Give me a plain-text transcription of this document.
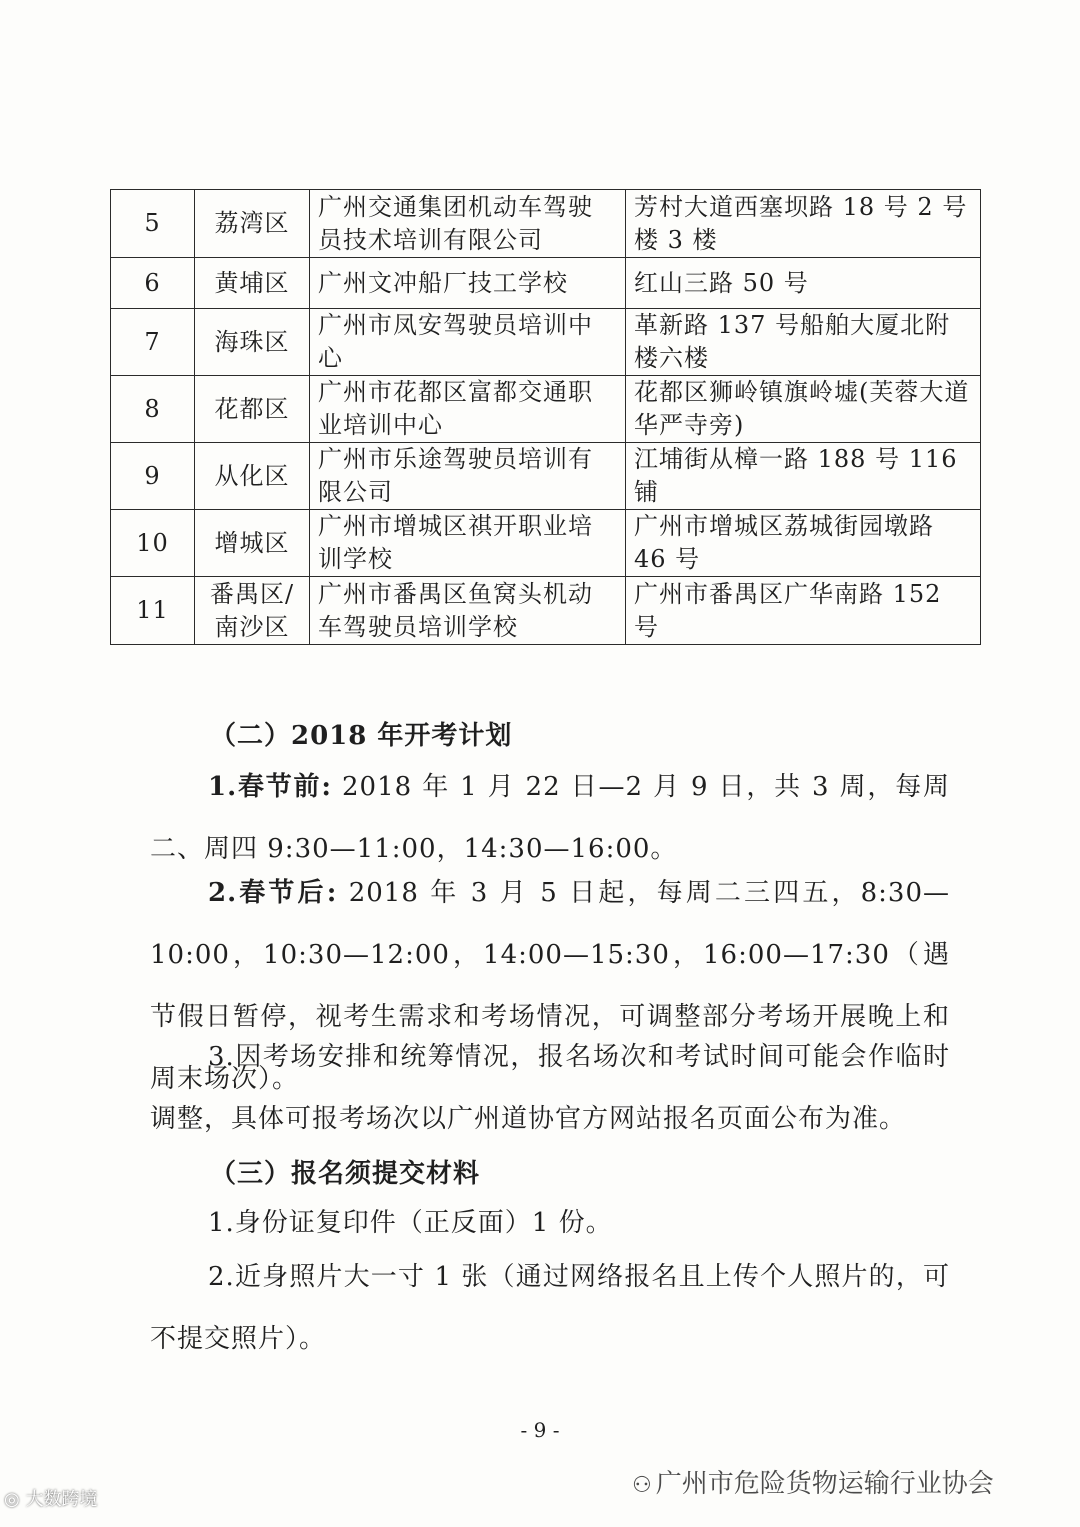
5	荔湾区	广州交通集团机动车驾驶员技术培训有限公司	芳村大道西塞坝路 18 号 2 号楼 3 楼
6	黄埔区	广州文冲船厂技工学校	红山三路 50 号
7	海珠区	广州市凤安驾驶员培训中心	革新路 137 号船舶大厦北附楼六楼
8	花都区	广州市花都区富都交通职业培训中心	花都区狮岭镇旗岭墟(芙蓉大道华严寺旁)
9	从化区	广州市乐途驾驶员培训有限公司	江埔街从樟一路 188 号 116 铺
10	增城区	广州市增城区祺开职业培训学校	广州市增城区荔城街园墩路 46 号
11	番禺区/南沙区	广州市番禺区鱼窝头机动车驾驶员培训学校	广州市番禺区广华南路 152 号
（二）2018 年开考计划
1.春节前: 2018 年 1 月 22 日—2 月 9 日，共 3 周，每周二、周四 9:30—11:00，14:30—16:00。
2.春节后: 2018 年 3 月 5 日起，每周二三四五，8:30—10:00，10:30—12:00，14:00—15:30，16:00—17:30（遇节假日暂停，视考生需求和考场情况，可调整部分考场开展晚上和周末场次）。
3.因考场安排和统筹情况，报名场次和考试时间可能会作临时调整，具体可报考场次以广州道协官方网站报名页面公布为准。
（三）报名须提交材料
1.身份证复印件（正反面）1 份。
2.近身照片大一寸 1 张（通过网络报名且上传个人照片的，可不提交照片）。
- 9 -
⚇ 广州市危险货物运输行业协会
◎ 大数跨境
